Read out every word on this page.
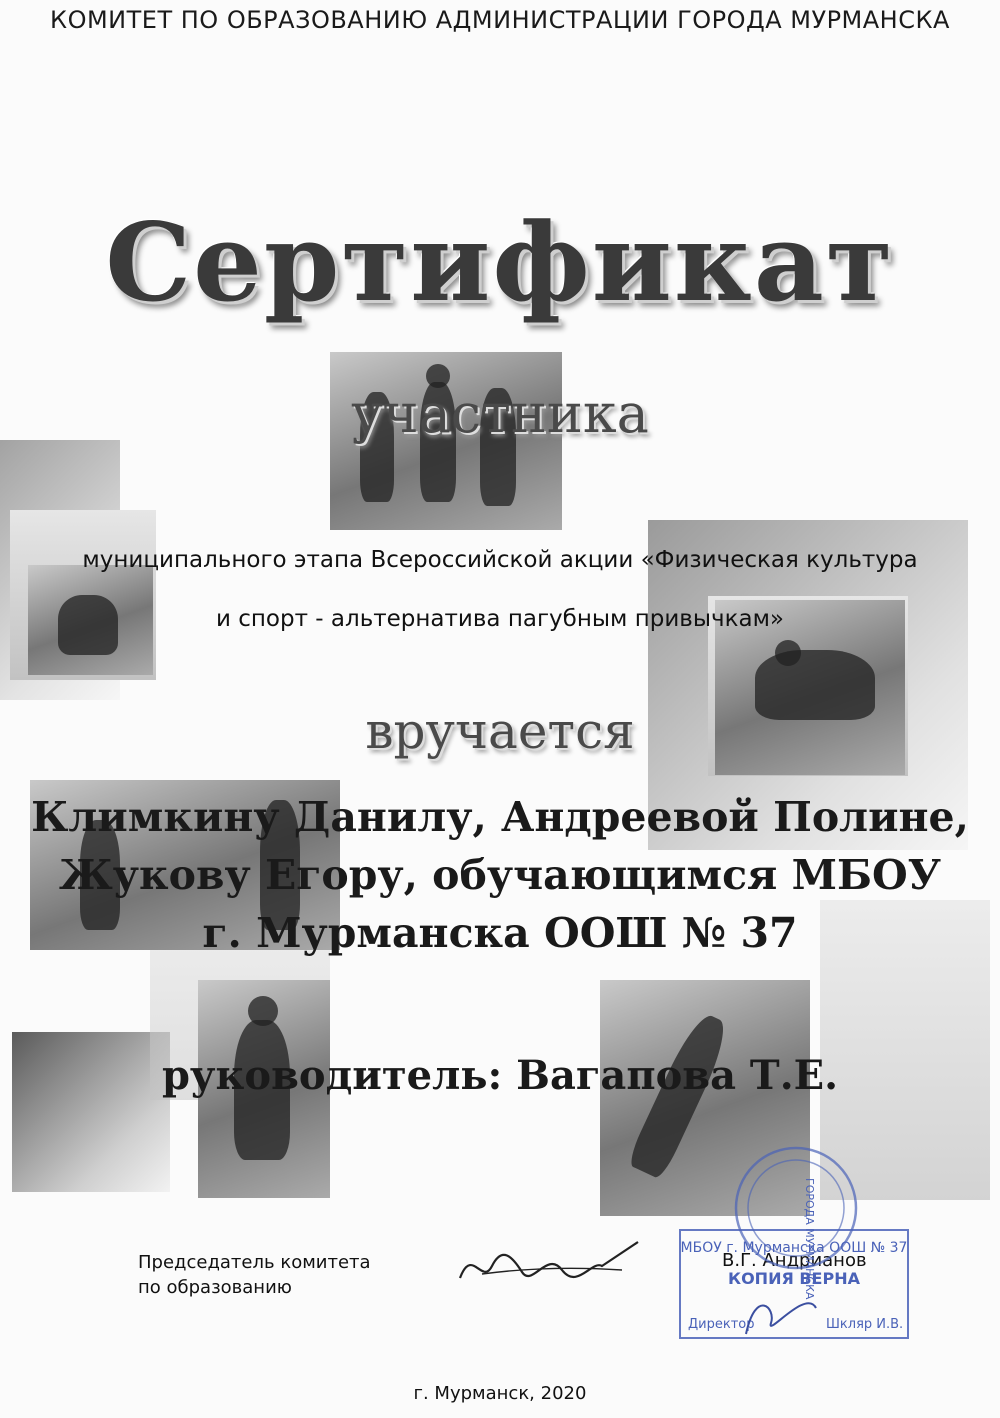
КОМИТЕТ ПО ОБРАЗОВАНИЮ АДМИНИСТРАЦИИ ГОРОДА МУРМАНСКА
Сертификат
участника
муниципального этапа Всероссийской акции «Физическая культура
и спорт - альтернатива пагубным привычкам»
вручается
Климкину Данилу, Андреевой Полине,
Жукову Егору, обучающимся МБОУ
г. Мурманска ООШ № 37
руководитель: Вагапова Т.Е.
Председатель комитета
по образованию
В.Г. Андрианов
ГОРОДА МУРМАНСКА
МБОУ г. Мурманска ООШ № 37
КОПИЯ ВЕРНА
Директор	Шкляр И.В.
г. Мурманск, 2020
